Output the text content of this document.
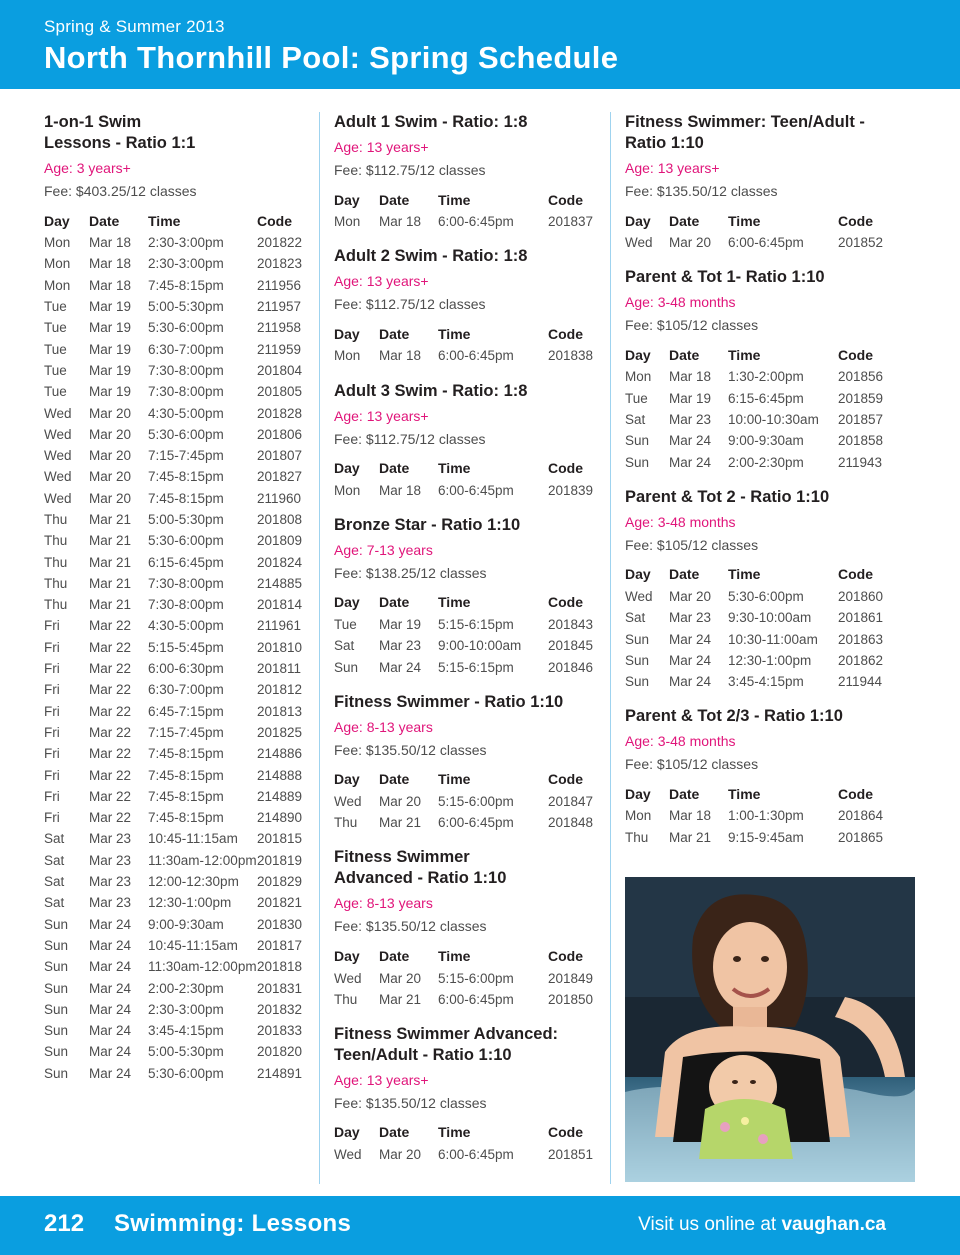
Spring & Summer 2013
North Thornhill Pool: Spring Schedule
1-on-1 Swim
Lessons - Ratio 1:1
Age: 3 years+
Fee: $403.25/12 classes
Day	Date	Time	Code
Mon	Mar 18	2:30-3:00pm	201822
Mon	Mar 18	2:30-3:00pm	201823
Mon	Mar 18	7:45-8:15pm	211956
Tue	Mar 19	5:00-5:30pm	211957
Tue	Mar 19	5:30-6:00pm	211958
Tue	Mar 19	6:30-7:00pm	211959
Tue	Mar 19	7:30-8:00pm	201804
Tue	Mar 19	7:30-8:00pm	201805
Wed	Mar 20	4:30-5:00pm	201828
Wed	Mar 20	5:30-6:00pm	201806
Wed	Mar 20	7:15-7:45pm	201807
Wed	Mar 20	7:45-8:15pm	201827
Wed	Mar 20	7:45-8:15pm	211960
Thu	Mar 21	5:00-5:30pm	201808
Thu	Mar 21	5:30-6:00pm	201809
Thu	Mar 21	6:15-6:45pm	201824
Thu	Mar 21	7:30-8:00pm	214885
Thu	Mar 21	7:30-8:00pm	201814
Fri	Mar 22	4:30-5:00pm	211961
Fri	Mar 22	5:15-5:45pm	201810
Fri	Mar 22	6:00-6:30pm	201811
Fri	Mar 22	6:30-7:00pm	201812
Fri	Mar 22	6:45-7:15pm	201813
Fri	Mar 22	7:15-7:45pm	201825
Fri	Mar 22	7:45-8:15pm	214886
Fri	Mar 22	7:45-8:15pm	214888
Fri	Mar 22	7:45-8:15pm	214889
Fri	Mar 22	7:45-8:15pm	214890
Sat	Mar 23	10:45-11:15am	201815
Sat	Mar 23	11:30am-12:00pm	201819
Sat	Mar 23	12:00-12:30pm	201829
Sat	Mar 23	12:30-1:00pm	201821
Sun	Mar 24	9:00-9:30am	201830
Sun	Mar 24	10:45-11:15am	201817
Sun	Mar 24	11:30am-12:00pm	201818
Sun	Mar 24	2:00-2:30pm	201831
Sun	Mar 24	2:30-3:00pm	201832
Sun	Mar 24	3:45-4:15pm	201833
Sun	Mar 24	5:00-5:30pm	201820
Sun	Mar 24	5:30-6:00pm	214891
Adult 1 Swim - Ratio: 1:8
Age: 13 years+
Fee: $112.75/12 classes
Day	Date	Time	Code
Mon	Mar 18	6:00-6:45pm	201837
Adult 2 Swim - Ratio: 1:8
Age: 13 years+
Fee: $112.75/12 classes
Day	Date	Time	Code
Mon	Mar 18	6:00-6:45pm	201838
Adult 3 Swim - Ratio: 1:8
Age: 13 years+
Fee: $112.75/12 classes
Day	Date	Time	Code
Mon	Mar 18	6:00-6:45pm	201839
Bronze Star - Ratio 1:10
Age: 7-13 years
Fee: $138.25/12 classes
Day	Date	Time	Code
Tue	Mar 19	5:15-6:15pm	201843
Sat	Mar 23	9:00-10:00am	201845
Sun	Mar 24	5:15-6:15pm	201846
Fitness Swimmer - Ratio 1:10
Age: 8-13 years
Fee: $135.50/12 classes
Day	Date	Time	Code
Wed	Mar 20	5:15-6:00pm	201847
Thu	Mar 21	6:00-6:45pm	201848
Fitness Swimmer
Advanced - Ratio 1:10
Age: 8-13 years
Fee: $135.50/12 classes
Day	Date	Time	Code
Wed	Mar 20	5:15-6:00pm	201849
Thu	Mar 21	6:00-6:45pm	201850
Fitness Swimmer Advanced:
Teen/Adult - Ratio 1:10
Age: 13 years+
Fee: $135.50/12 classes
Day	Date	Time	Code
Wed	Mar 20	6:00-6:45pm	201851
Fitness Swimmer: Teen/Adult -
Ratio 1:10
Age: 13 years+
Fee: $135.50/12 classes
Day	Date	Time	Code
Wed	Mar 20	6:00-6:45pm	201852
Parent & Tot 1- Ratio 1:10
Age: 3-48 months
Fee: $105/12 classes
Day	Date	Time	Code
Mon	Mar 18	1:30-2:00pm	201856
Tue	Mar 19	6:15-6:45pm	201859
Sat	Mar 23	10:00-10:30am	201857
Sun	Mar 24	9:00-9:30am	201858
Sun	Mar 24	2:00-2:30pm	211943
Parent & Tot 2 - Ratio 1:10
Age: 3-48 months
Fee: $105/12 classes
Day	Date	Time	Code
Wed	Mar 20	5:30-6:00pm	201860
Sat	Mar 23	9:30-10:00am	201861
Sun	Mar 24	10:30-11:00am	201863
Sun	Mar 24	12:30-1:00pm	201862
Sun	Mar 24	3:45-4:15pm	211944
Parent & Tot 2/3 - Ratio 1:10
Age: 3-48 months
Fee: $105/12 classes
Day	Date	Time	Code
Mon	Mar 18	1:00-1:30pm	201864
Thu	Mar 21	9:15-9:45am	201865
212 Swimming: Lessons	Visit us online at vaughan.ca
